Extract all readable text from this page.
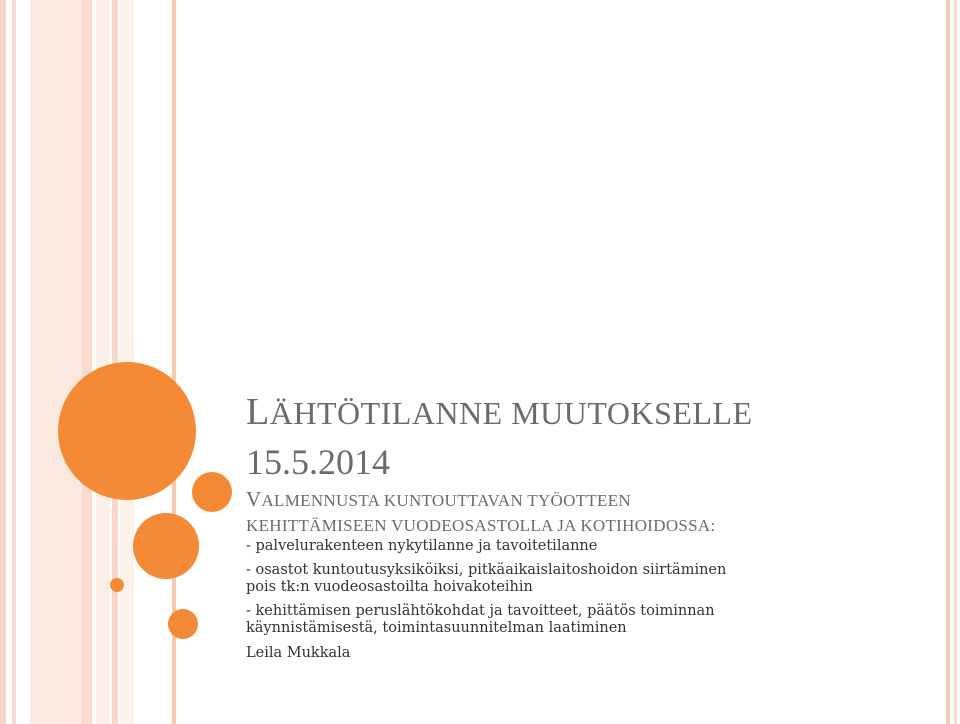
LÄHTÖTILANNE MUUTOKSELLE
15.5.2014
VALMENNUSTA KUNTOUTTAVAN TYÖOTTEEN
KEHITTÄMISEEN VUODEOSASTOLLA JA KOTIHOIDOSSA:
- palvelurakenteen nykytilanne ja tavoitetilanne
- osastot kuntoutusyksiköiksi, pitkäaikaislaitoshoidon siirtäminen
pois tk:n vuodeosastoilta hoivakoteihin
- kehittämisen peruslähtökohdat ja tavoitteet, päätös toiminnan
käynnistämisestä, toimintasuunnitelman laatiminen
Leila Mukkala
